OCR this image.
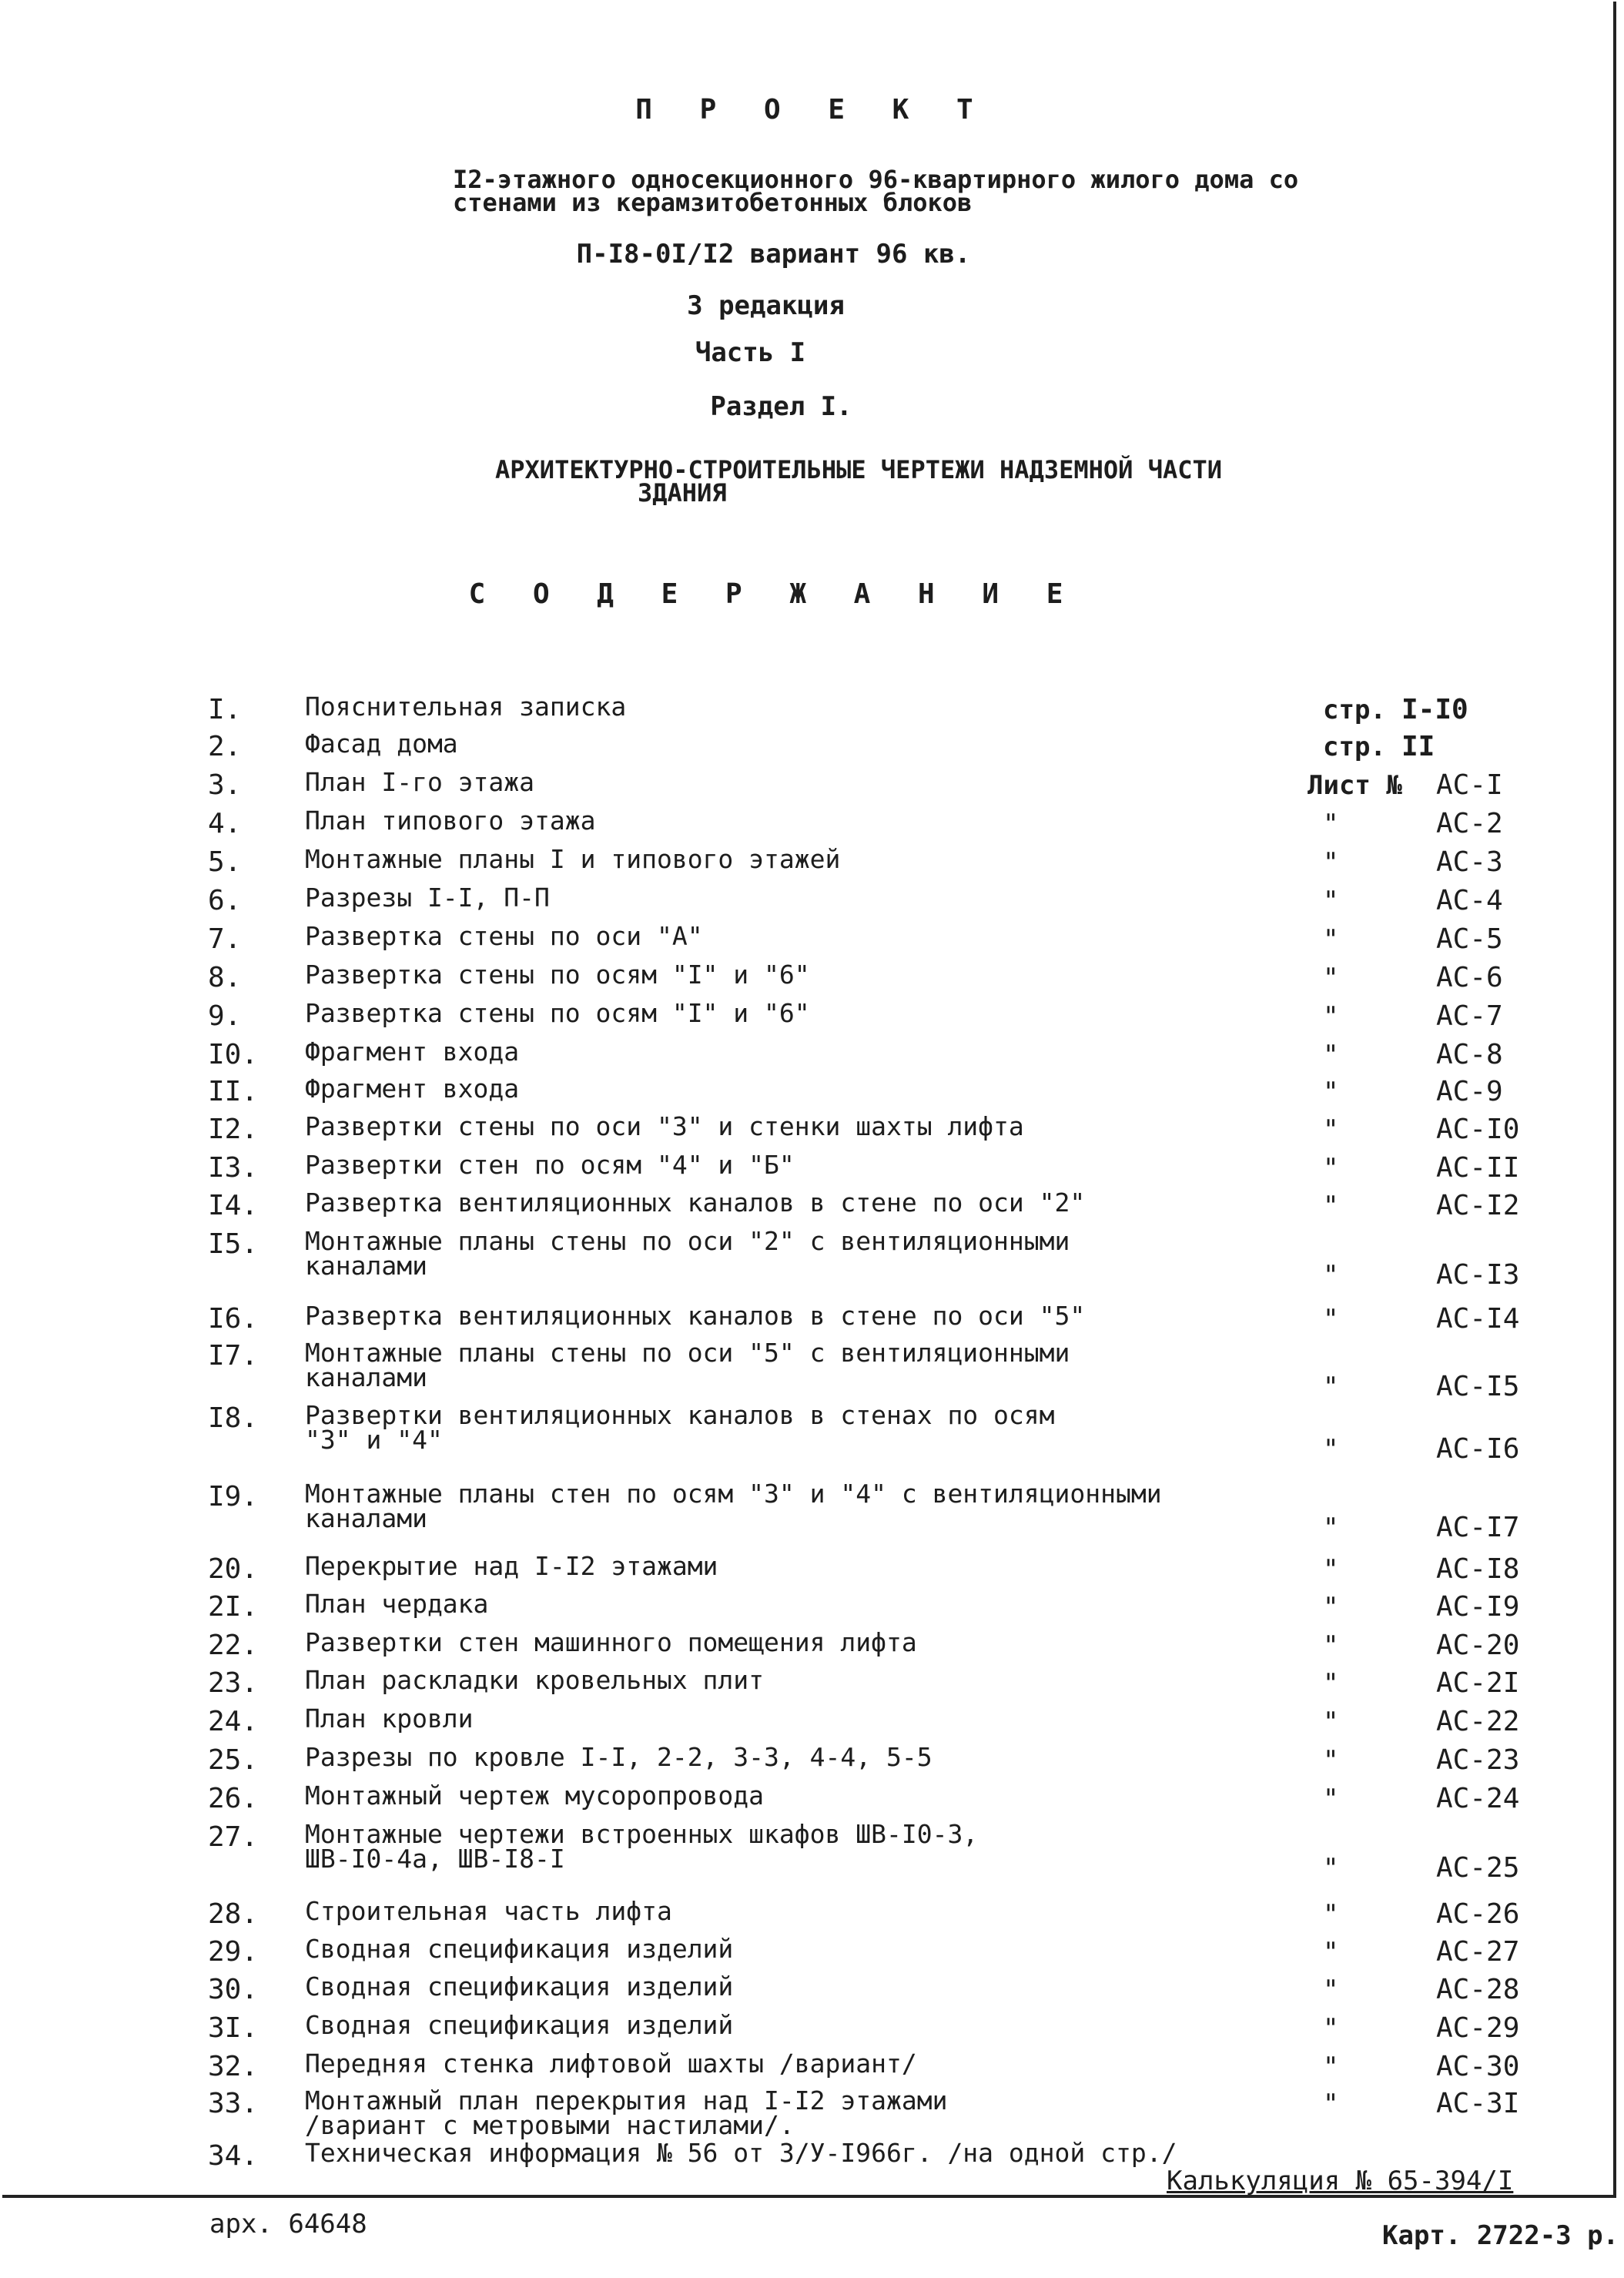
П Р О Е К Т
I2-этажного односекционного 96-квартирного жилого дома со
стенами из керамзитобетонных блоков
П-I8-0I/I2 вариант 96 кв.
3 редакция
Часть I
Раздел I.
АРХИТЕКТУРНО-СТРОИТЕЛЬНЫЕ ЧЕРТЕЖИ НАДЗЕМНОЙ ЧАСТИ
ЗДАНИЯ
С О Д Е Р Ж А Н И Е
I.	Пояснительная записка	стр. I-I0
2.	Фасад дома	стр. II
3.	План I-го этажа	Лист № АС-I
4.	План типового этажа	"	АС-2
5.	Монтажные планы I и типового этажей	"	АС-3
6.	Разрезы I-I, П-П	"	АС-4
7.	Развертка стены по оси "А"	"	АС-5
8.	Развертка стены по осям "I" и "6"	"	АС-6
9.	Развертка стены по осям "I" и "6"	"	АС-7
I0. Фрагмент входа	"	АС-8
II. Фрагмент входа	"	АС-9
I2. Развертки стены по оси "3" и стенки шахты лифта	"	АС-I0
I3. Развертки стен по осям "4" и "Б"	"	АС-II
I4. Развертка вентиляционных каналов в стене по оси "2"	"	АС-I2
I5. Монтажные планы стены по оси "2" с вентиляционными
каналами	"	АС-I3
I6. Развертка вентиляционных каналов в стене по оси "5"	"	АС-I4
I7. Монтажные планы стены по оси "5" с вентиляционными
каналами	"	АС-I5
I8. Развертки вентиляционных каналов в стенах по осям
"3" и "4"	"	АС-I6
I9. Монтажные планы стен по осям "3" и "4" с вентиляционными
каналами	"	АС-I7
20. Перекрытие над I-I2 этажами	"	АС-I8
2I. План чердака	"	АС-I9
22. Развертки стен машинного помещения лифта	"	АС-20
23. План раскладки кровельных плит	"	АС-2I
24. План кровли	"	АС-22
25. Разрезы по кровле I-I, 2-2, 3-3, 4-4, 5-5	"	АС-23
26. Монтажный чертеж мусоропровода	"	АС-24
27. Монтажные чертежи встроенных шкафов ШВ-I0-3,
ШВ-I0-4а, ШВ-I8-I	"	АС-25
28. Строительная часть лифта	"	АС-26
29. Сводная спецификация изделий	"	АС-27
30. Сводная спецификация изделий	"	АС-28
3I. Сводная спецификация изделий	"	АС-29
32. Передняя стенка лифтовой шахты /вариант/	"	АС-30
33. Монтажный план перекрытия над I-I2 этажами
/вариант с метровыми настилами/.
"	АС-3I
34. Техническая информация № 56 от 3/У-I966г. /на одной стр./
Калькуляция № 65-394/I
арх. 64648	Карт. 2722-3 р.
